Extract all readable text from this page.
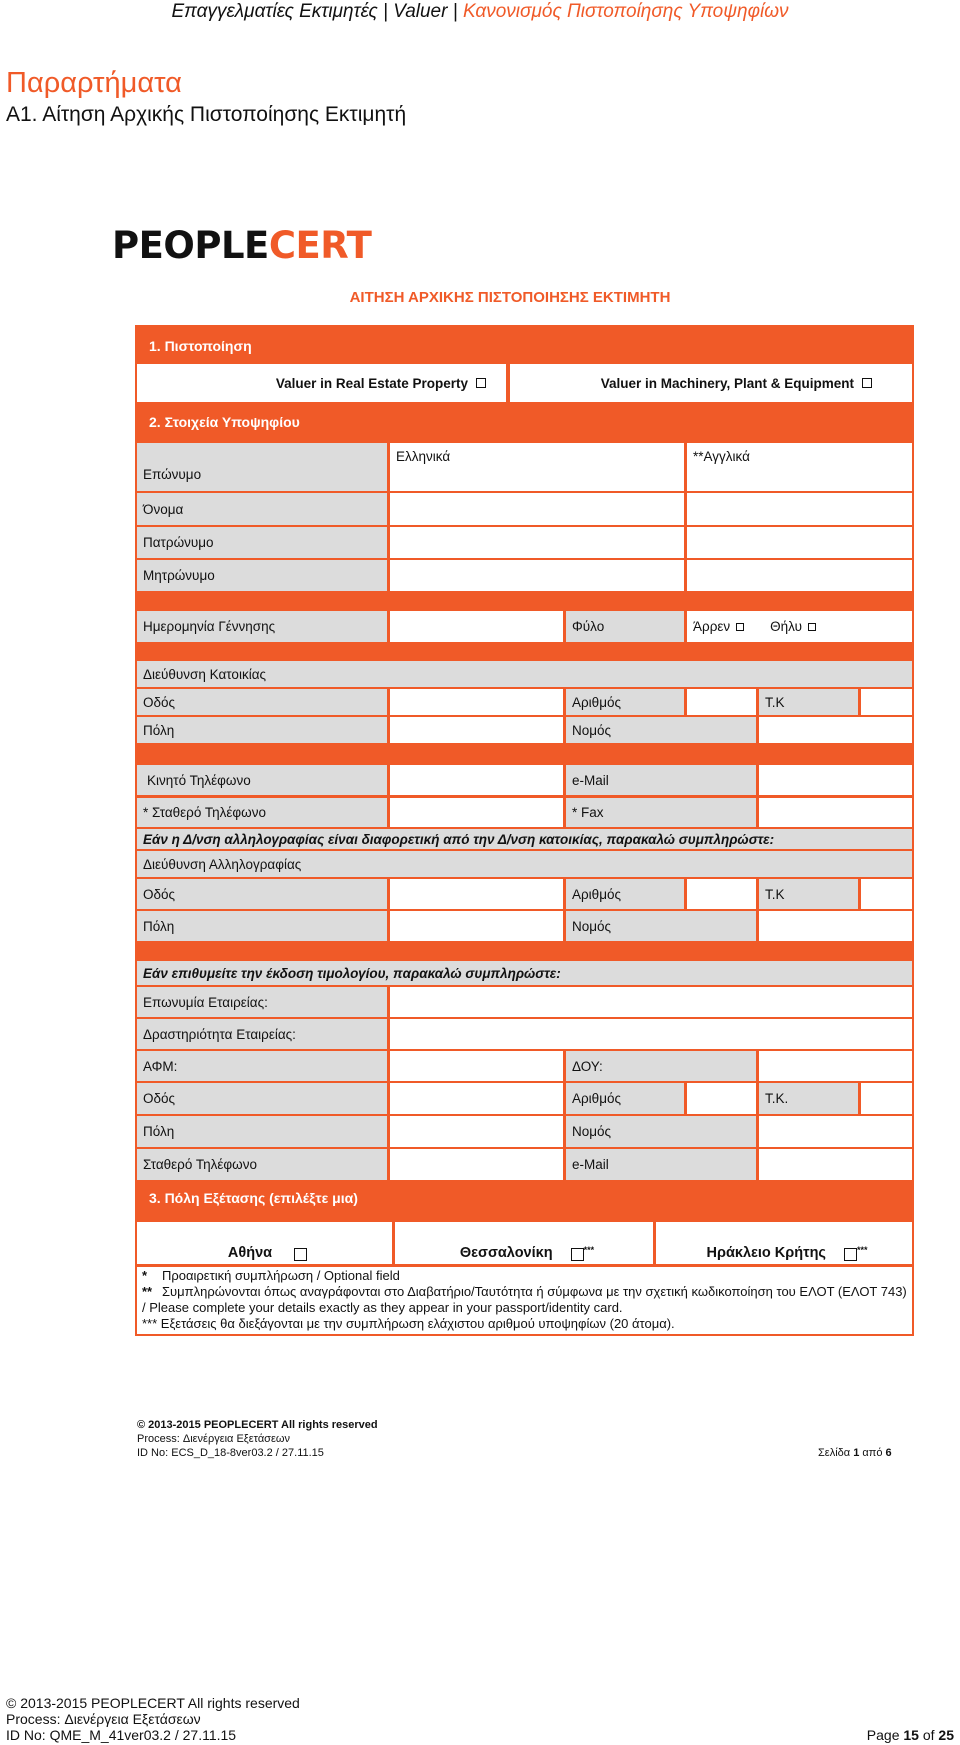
Επαγγελματίες Εκτιμητές | Valuer | Κανονισμός Πιστοποίησης Υποψηφίων
Παραρτήματα
Α1. Αίτηση Αρχικής Πιστοποίησης Εκτιμητή
PEOPLECERT
ΑΙΤΗΣΗ ΑΡΧΙΚΗΣ ΠΙΣΤΟΠΟΙΗΣΗΣ ΕΚΤΙΜΗΤΗ
1. Πιστοποίηση
Valuer in Real Estate Property	Valuer in Machinery, Plant & Equipment
2. Στοιχεία Υποψηφίου
Επώνυμο
Ελληνικά	**Αγγλικά
Όνομα
Πατρώνυμο
Μητρώνυμο
Ημερομηνία Γέννησης	Φύλο	Άρρεν	Θήλυ
Διεύθυνση Κατοικίας
Οδός	Αριθμός	Τ.Κ
Πόλη	Νομός
Κινητό Τηλέφωνο	e-Mail
* Σταθερό Τηλέφωνο	* Fax
Εάν η Δ/νση αλληλογραφίας είναι διαφορετική από την Δ/νση κατοικίας, παρακαλώ συμπληρώστε:
Διεύθυνση Αλληλογραφίας
Οδός	Αριθμός	Τ.Κ
Πόλη	Νομός
Εάν επιθυμείτε την έκδοση τιμολογίου, παρακαλώ συμπληρώστε:
Επωνυμία Εταιρείας:
Δραστηριότητα Εταιρείας:
ΑΦΜ:	ΔΟΥ:
Οδός	Αριθμός	Τ.Κ.
Πόλη	Νομός
Σταθερό Τηλέφωνο	e-Mail
3. Πόλη Εξέτασης (επιλέξτε μια)
Αθήνα	Θεσσαλονίκη	***	Ηράκλειο Κρήτης	***
* Προαιρετική συμπλήρωση / Optional field
** Συμπληρώνονται όπως αναγράφονται στο Διαβατήριο/Ταυτότητα ή σύμφωνα με την σχετική κωδικοποίηση του ΕΛΟΤ (ΕΛΟΤ 743) / Please complete your details exactly as they appear in your passport/identity card.
*** Εξετάσεις θα διεξάγονται με την συμπλήρωση ελάχιστου αριθμού υποψηφίων (20 άτομα).
© 2013-2015 PEOPLECERT All rights reserved
Process: Διενέργεια Εξετάσεων
ID No: ECS_D_18-8ver03.2 / 27.11.15	Σελίδα 1 από 6
© 2013-2015 PEOPLECERT All rights reserved
Process: Διενέργεια Εξετάσεων
ID No: QME_M_41ver03.2 / 27.11.15	Page 15 of 25
